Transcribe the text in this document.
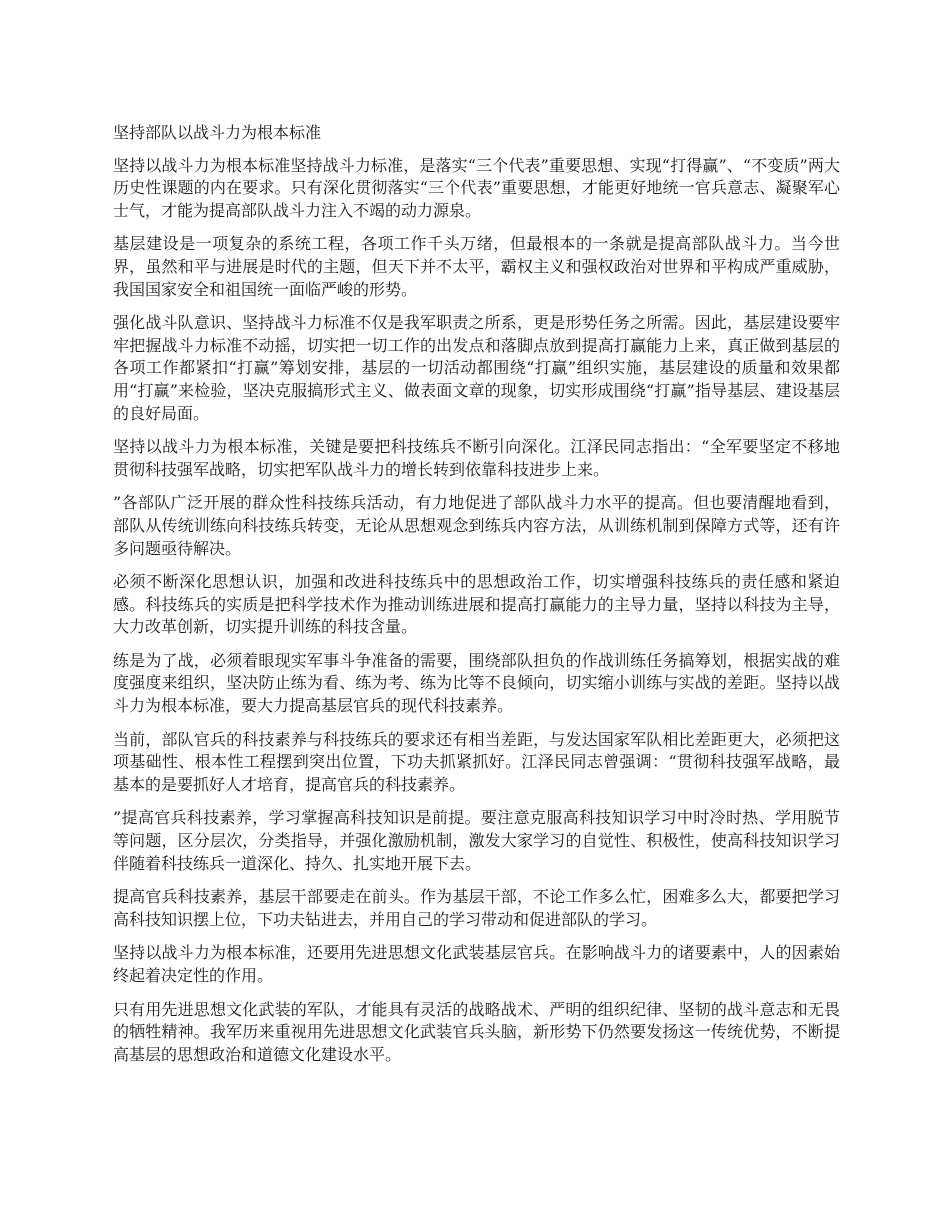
坚持部队以战斗力为根本标准

坚持以战斗力为根本标准坚持战斗力标准，是落实“三个代表”重要思想、实现“打得赢”、“不变质”两大历史性课题的内在要求。只有深化贯彻落实“三个代表”重要思想，才能更好地统一官兵意志、凝聚军心士气，才能为提高部队战斗力注入不竭的动力源泉。

基层建设是一项复杂的系统工程，各项工作千头万绪，但最根本的一条就是提高部队战斗力。当今世界，虽然和平与进展是时代的主题，但天下并不太平，霸权主义和强权政治对世界和平构成严重威胁，我国国家安全和祖国统一面临严峻的形势。

强化战斗队意识、坚持战斗力标准不仅是我军职责之所系，更是形势任务之所需。因此，基层建设要牢牢把握战斗力标准不动摇，切实把一切工作的出发点和落脚点放到提高打赢能力上来，真正做到基层的各项工作都紧扣“打赢”筹划安排，基层的一切活动都围绕“打赢”组织实施，基层建设的质量和效果都用“打赢”来检验，坚决克服搞形式主义、做表面文章的现象，切实形成围绕“打赢”指导基层、建设基层的良好局面。

坚持以战斗力为根本标准，关键是要把科技练兵不断引向深化。江泽民同志指出：“全军要坚定不移地贯彻科技强军战略，切实把军队战斗力的增长转到依靠科技进步上来。

”各部队广泛开展的群众性科技练兵活动，有力地促进了部队战斗力水平的提高。但也要清醒地看到，部队从传统训练向科技练兵转变，无论从思想观念到练兵内容方法，从训练机制到保障方式等，还有许多问题亟待解决。

必须不断深化思想认识，加强和改进科技练兵中的思想政治工作，切实增强科技练兵的责任感和紧迫感。科技练兵的实质是把科学技术作为推动训练进展和提高打赢能力的主导力量，坚持以科技为主导，大力改革创新，切实提升训练的科技含量。

练是为了战，必须着眼现实军事斗争准备的需要，围绕部队担负的作战训练任务搞筹划，根据实战的难度强度来组织，坚决防止练为看、练为考、练为比等不良倾向，切实缩小训练与实战的差距。坚持以战斗力为根本标准，要大力提高基层官兵的现代科技素养。

当前，部队官兵的科技素养与科技练兵的要求还有相当差距，与发达国家军队相比差距更大，必须把这项基础性、根本性工程摆到突出位置，下功夫抓紧抓好。江泽民同志曾强调：“贯彻科技强军战略，最基本的是要抓好人才培育，提高官兵的科技素养。

”提高官兵科技素养，学习掌握高科技知识是前提。要注意克服高科技知识学习中时冷时热、学用脱节等问题，区分层次，分类指导，并强化激励机制，激发大家学习的自觉性、积极性，使高科技知识学习伴随着科技练兵一道深化、持久、扎实地开展下去。

提高官兵科技素养，基层干部要走在前头。作为基层干部，不论工作多么忙，困难多么大，都要把学习高科技知识摆上位，下功夫钻进去，并用自己的学习带动和促进部队的学习。

坚持以战斗力为根本标准，还要用先进思想文化武装基层官兵。在影响战斗力的诸要素中，人的因素始终起着决定性的作用。

只有用先进思想文化武装的军队，才能具有灵活的战略战术、严明的组织纪律、坚韧的战斗意志和无畏的牺牲精神。我军历来重视用先进思想文化武装官兵头脑，新形势下仍然要发扬这一传统优势，不断提高基层的思想政治和道德文化建设水平。
